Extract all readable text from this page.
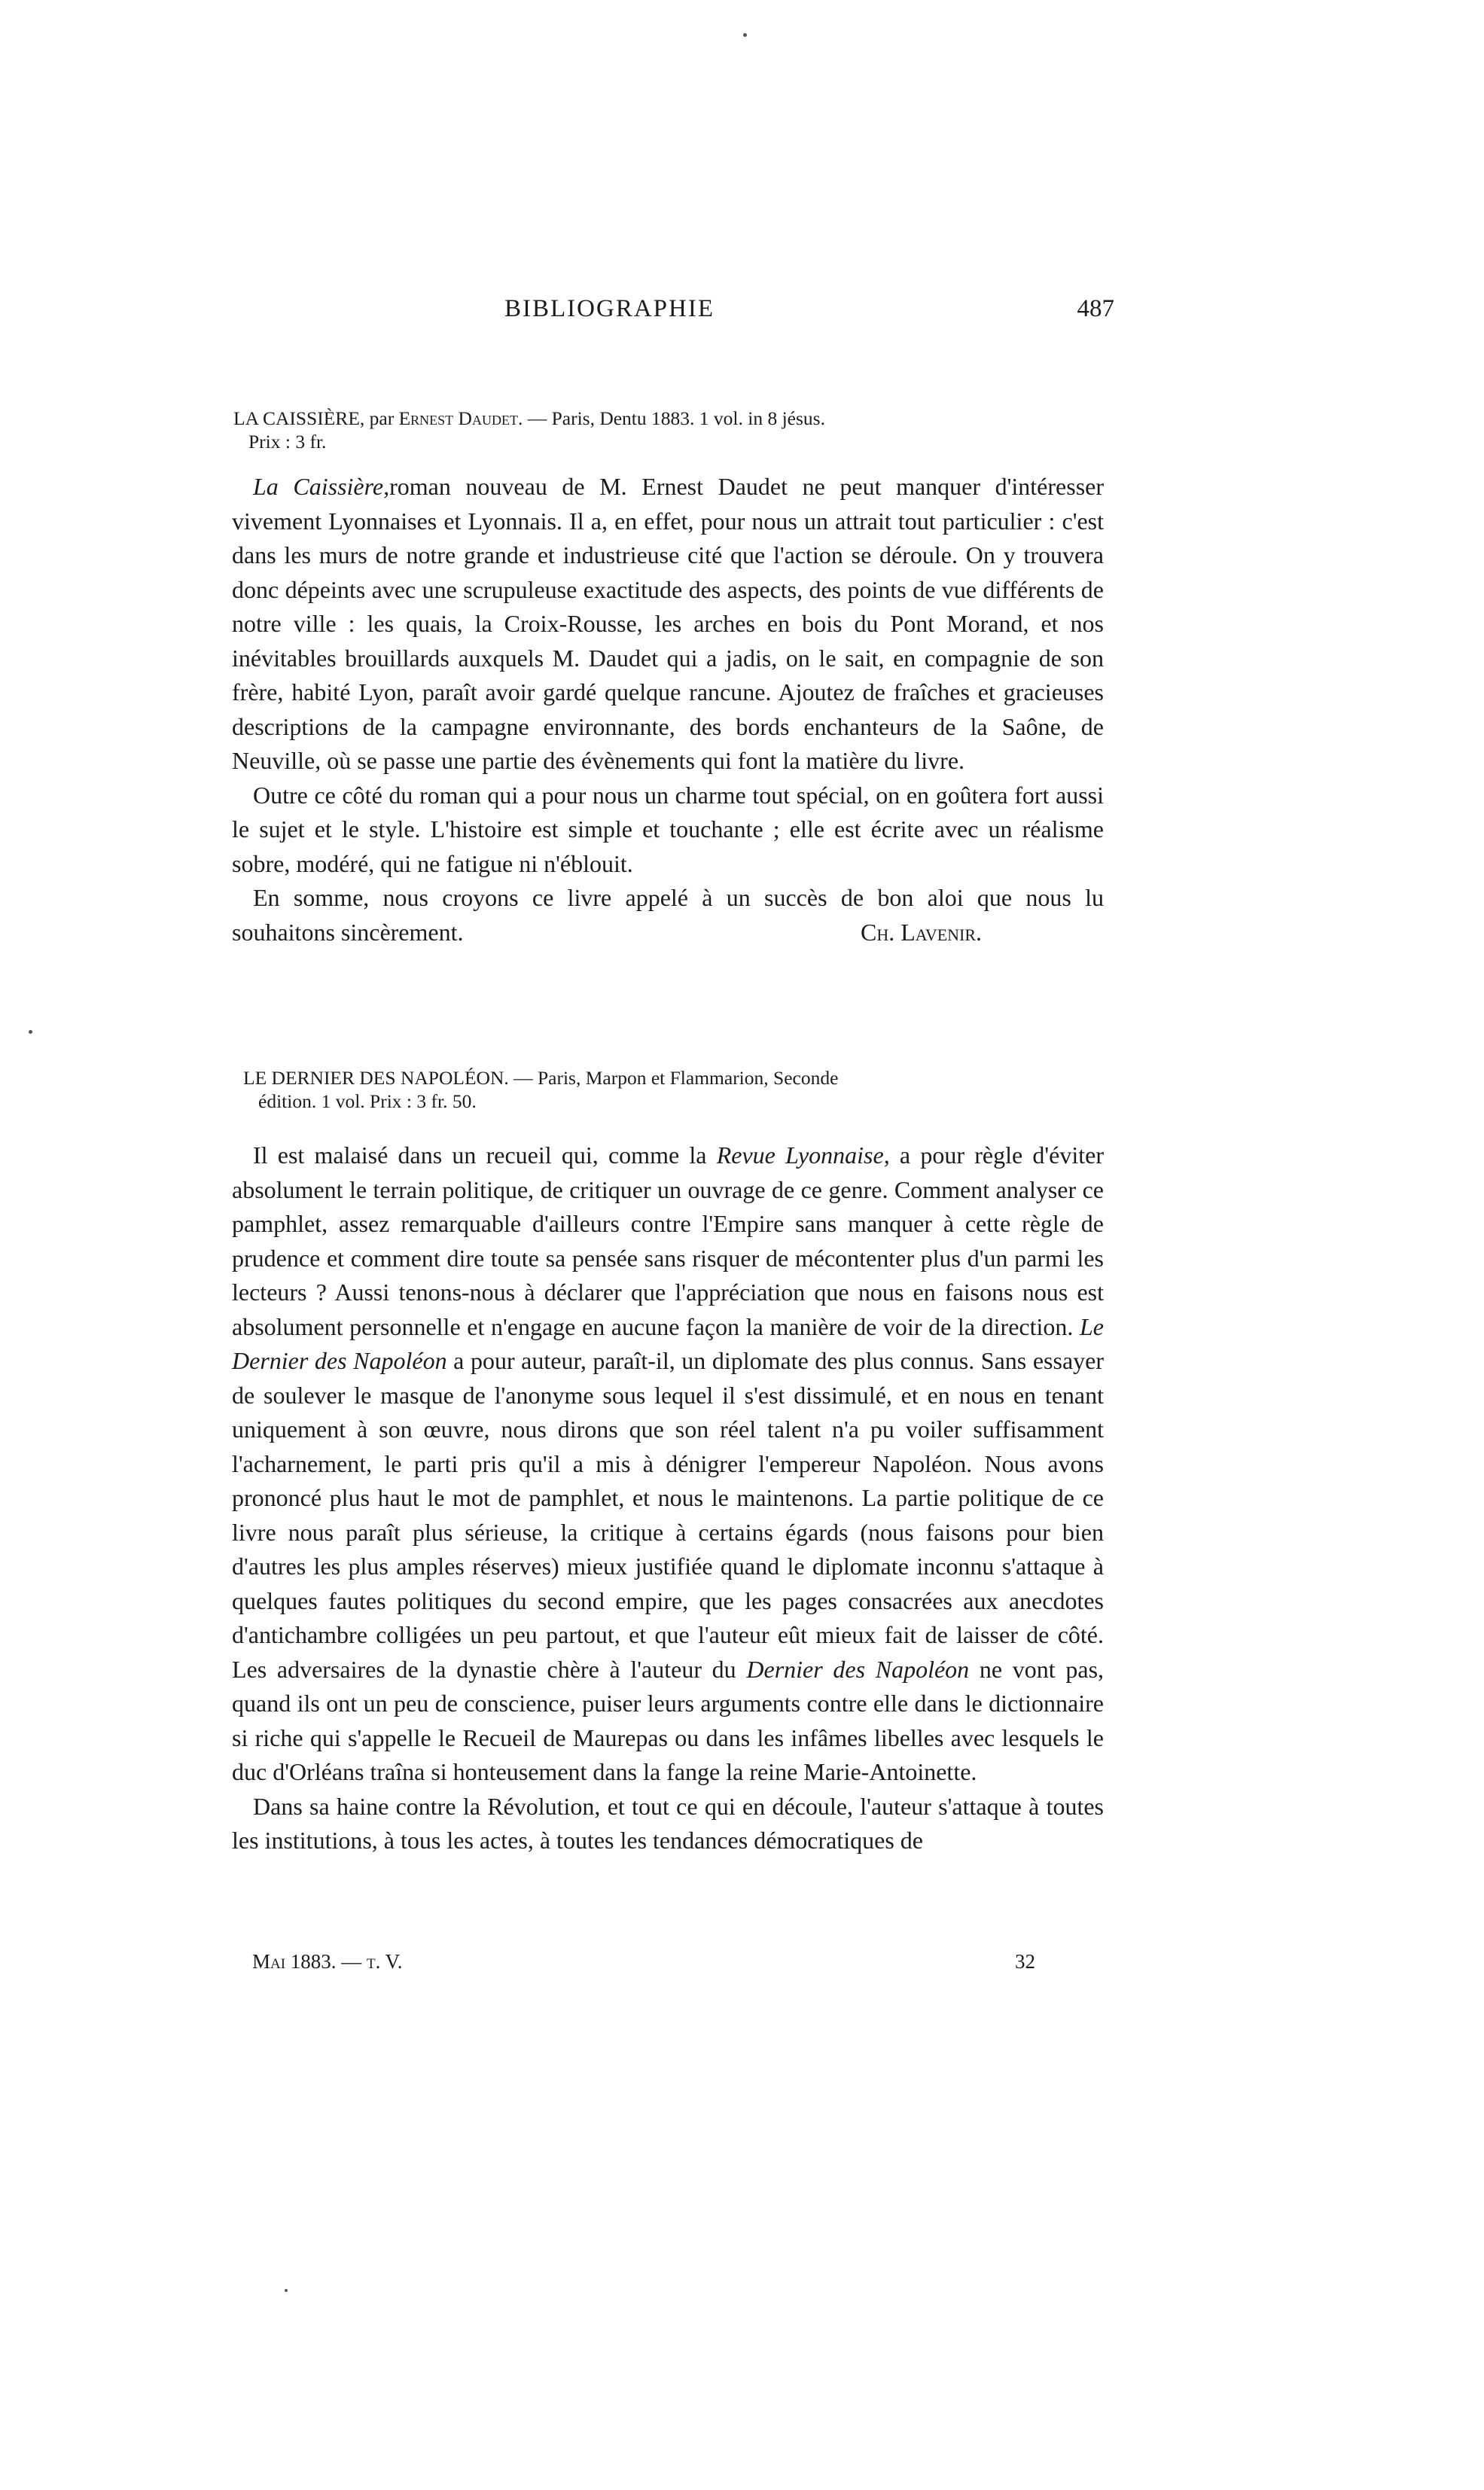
BIBLIOGRAPHIE	487
LA CAISSIÈRE, par Ernest Daudet. — Paris, Dentu 1883. 1 vol. in 8 jésus.
Prix : 3 fr.

La Caissière,roman nouveau de M. Ernest Daudet ne peut manquer d'intéresser vivement Lyonnaises et Lyonnais. Il a, en effet, pour nous un attrait tout particulier : c'est dans les murs de notre grande et industrieuse cité que l'action se déroule. On y trouvera donc dépeints avec une scrupuleuse exactitude des aspects, des points de vue différents de notre ville : les quais, la Croix-Rousse, les arches en bois du Pont Morand, et nos inévitables brouillards auxquels M. Daudet qui a jadis, on le sait, en compagnie de son frère, habité Lyon, paraît avoir gardé quelque rancune. Ajoutez de fraîches et gracieuses descriptions de la campagne environnante, des bords enchanteurs de la Saône, de Neuville, où se passe une partie des évènements qui font la matière du livre.

Outre ce côté du roman qui a pour nous un charme tout spécial, on en goûtera fort aussi le sujet et le style. L'histoire est simple et touchante ; elle est écrite avec un réalisme sobre, modéré, qui ne fatigue ni n'éblouit.

En somme, nous croyons ce livre appelé à un succès de bon aloi que nous lu

souhaitons sincèrement.	Ch. Lavenir.
LE DERNIER DES NAPOLÉON. — Paris, Marpon et Flammarion, Seconde
édition. 1 vol. Prix : 3 fr. 50.

Il est malaisé dans un recueil qui, comme la Revue Lyonnaise, a pour règle d'éviter absolument le terrain politique, de critiquer un ouvrage de ce genre. Comment analyser ce pamphlet, assez remarquable d'ailleurs contre l'Empire sans manquer à cette règle de prudence et comment dire toute sa pensée sans risquer de mécontenter plus d'un parmi les lecteurs ? Aussi tenons-nous à déclarer que l'appréciation que nous en faisons nous est absolument personnelle et n'engage en aucune façon la manière de voir de la direction. Le Dernier des Napoléon a pour auteur, paraît-il, un diplomate des plus connus. Sans essayer de soulever le masque de l'anonyme sous lequel il s'est dissimulé, et en nous en tenant uniquement à son œuvre, nous dirons que son réel talent n'a pu voiler suffisamment l'acharnement, le parti pris qu'il a mis à dénigrer l'empereur Napoléon. Nous avons prononcé plus haut le mot de pamphlet, et nous le maintenons. La partie politique de ce livre nous paraît plus sérieuse, la critique à certains égards (nous faisons pour bien d'autres les plus amples réserves) mieux justifiée quand le diplomate inconnu s'attaque à quelques fautes politiques du second empire, que les pages consacrées aux anecdotes d'antichambre colligées un peu partout, et que l'auteur eût mieux fait de laisser de côté. Les adversaires de la dynastie chère à l'auteur du Dernier des Napoléon ne vont pas, quand ils ont un peu de conscience, puiser leurs arguments contre elle dans le dictionnaire si riche qui s'appelle le Recueil de Maurepas ou dans les infâmes libelles avec lesquels le duc d'Orléans traîna si honteusement dans la fange la reine Marie-Antoinette.

Dans sa haine contre la Révolution, et tout ce qui en découle, l'auteur s'attaque à toutes les institutions, à tous les actes, à toutes les tendances démocratiques de

Mai 1883. — t. V.	32
